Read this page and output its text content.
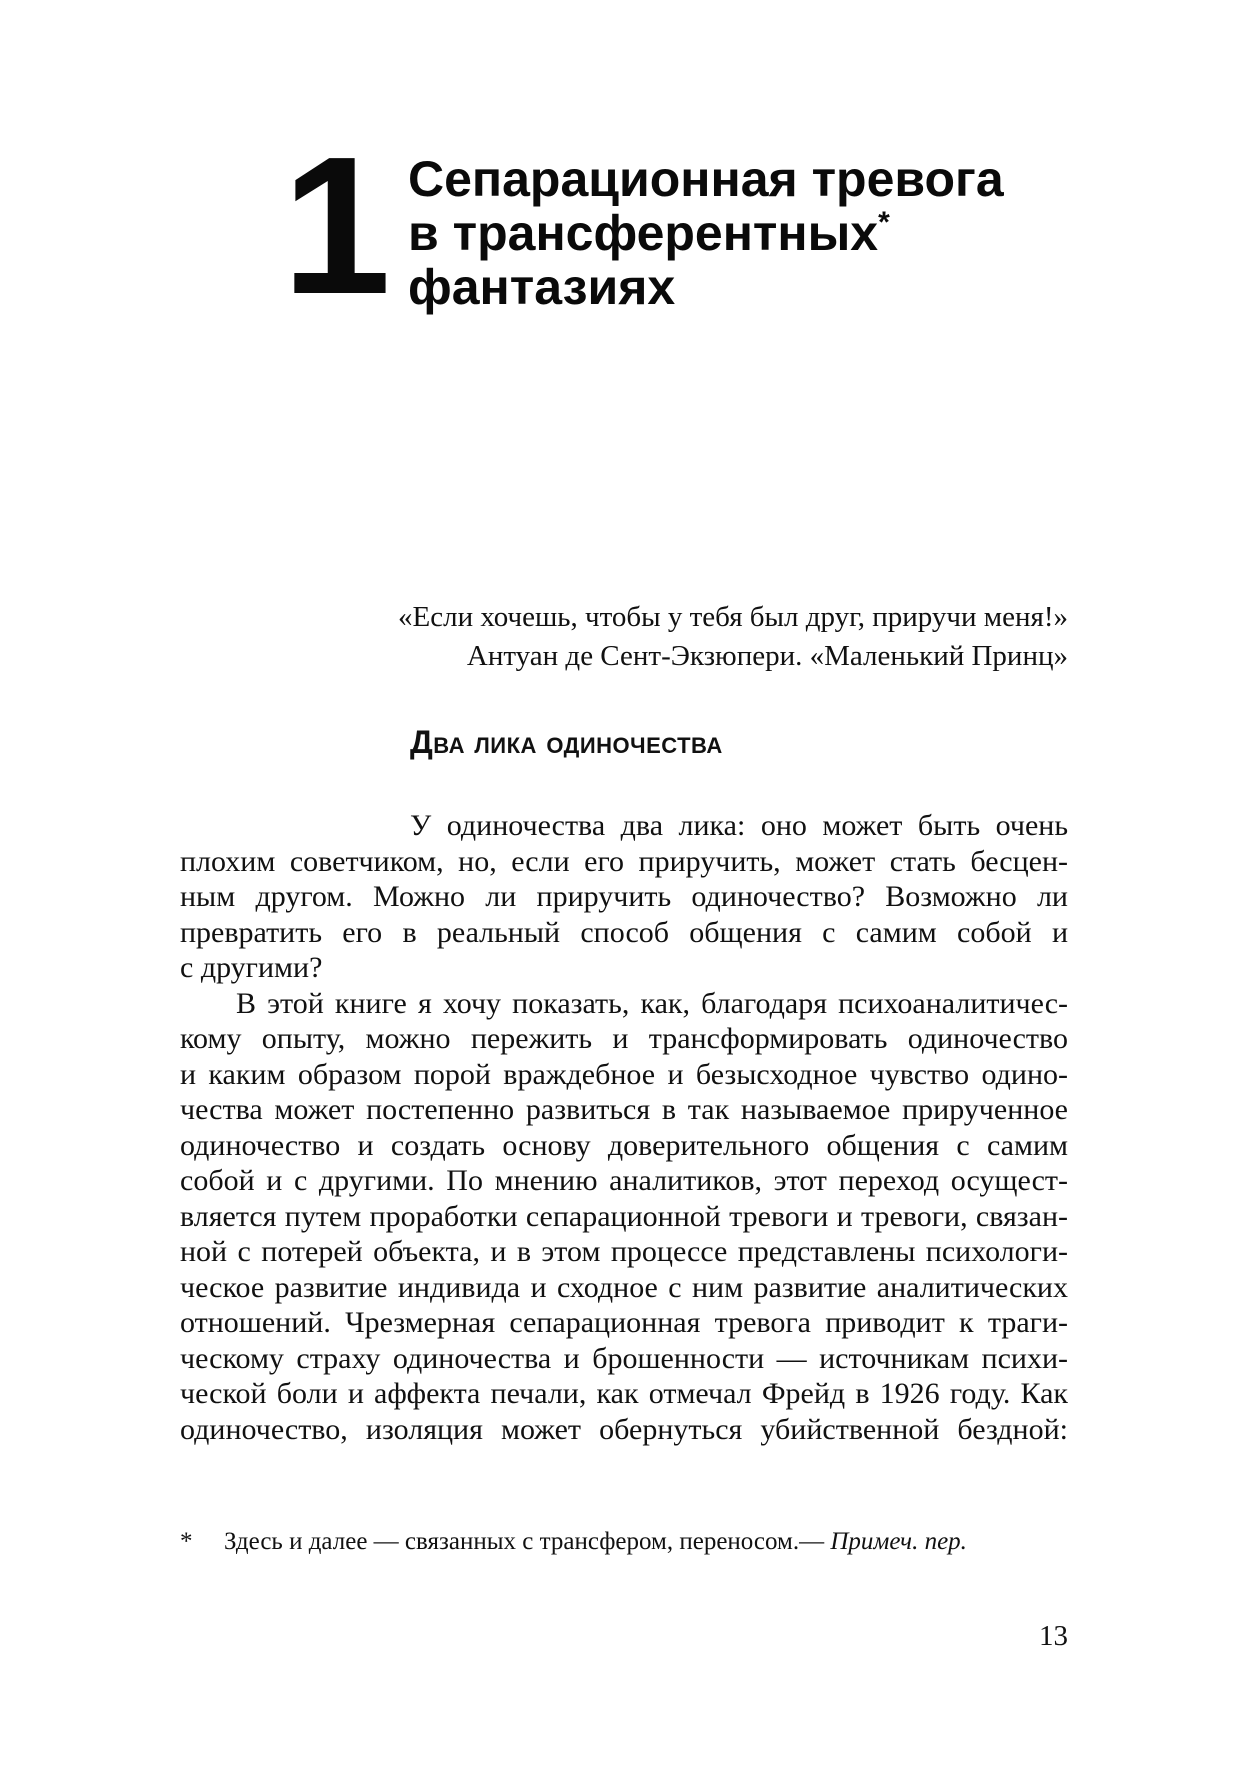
1 Сепарационная тревога
в трансферентных*
фантазиях
«Если хочешь, чтобы у тебя был друг, приручи меня!»
Антуан де Сент-Экзюпери. «Маленький Принц»
Два лика одиночества
У одиночества два лика: оно может быть очень
плохим советчиком, но, если его приручить, может стать бесцен-
ным другом. Можно ли приручить одиночество? Возможно ли
превратить его в реальный способ общения с самим собой и
с другими?
В этой книге я хочу показать, как, благодаря психоаналитичес-
кому опыту, можно пережить и трансформировать одиночество
и каким образом порой враждебное и безысходное чувство одино-
чества может постепенно развиться в так называемое прирученное
одиночество и создать основу доверительного общения с самим
собой и с другими. По мнению аналитиков, этот переход осущест-
вляется путем проработки сепарационной тревоги и тревоги, связан-
ной с потерей объекта, и в этом процессе представлены психологи-
ческое развитие индивида и сходное с ним развитие аналитических
отношений. Чрезмерная сепарационная тревога приводит к траги-
ческому страху одиночества и брошенности — источникам психи-
ческой боли и аффекта печали, как отмечал Фрейд в 1926 году. Как
одиночество, изоляция может обернуться убийственной бездной:
* Здесь и далее — связанных с трансфером, переносом.— Примеч. пер.
13
